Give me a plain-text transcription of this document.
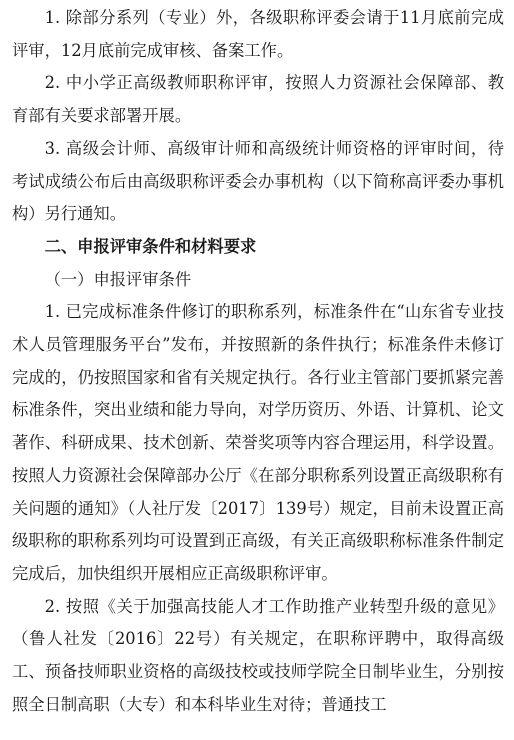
1. 除部分系列（专业）外，各级职称评委会请于11月底前完成评审，12月底前完成审核、备案工作。

2. 中小学正高级教师职称评审，按照人力资源社会保障部、教育部有关要求部署开展。

3. 高级会计师、高级审计师和高级统计师资格的评审时间，待考试成绩公布后由高级职称评委会办事机构（以下简称高评委办事机构）另行通知。

二、申报评审条件和材料要求

（一）申报评审条件

1. 已完成标准条件修订的职称系列，标准条件在“山东省专业技术人员管理服务平台”发布，并按照新的条件执行；标准条件未修订完成的，仍按照国家和省有关规定执行。各行业主管部门要抓紧完善标准条件，突出业绩和能力导向，对学历资历、外语、计算机、论文著作、科研成果、技术创新、荣誉奖项等内容合理运用，科学设置。按照人力资源社会保障部办公厅《在部分职称系列设置正高级职称有关问题的通知》（人社厅发〔2017〕139号）规定，目前未设置正高级职称的职称系列均可设置到正高级，有关正高级职称标准条件制定完成后，加快组织开展相应正高级职称评审。

2. 按照《关于加强高技能人才工作助推产业转型升级的意见》（鲁人社发〔2016〕22号）有关规定，在职称评聘中，取得高级工、预备技师职业资格的高级技校或技师学院全日制毕业生，分别按照全日制高职（大专）和本科毕业生对待；普通技工
